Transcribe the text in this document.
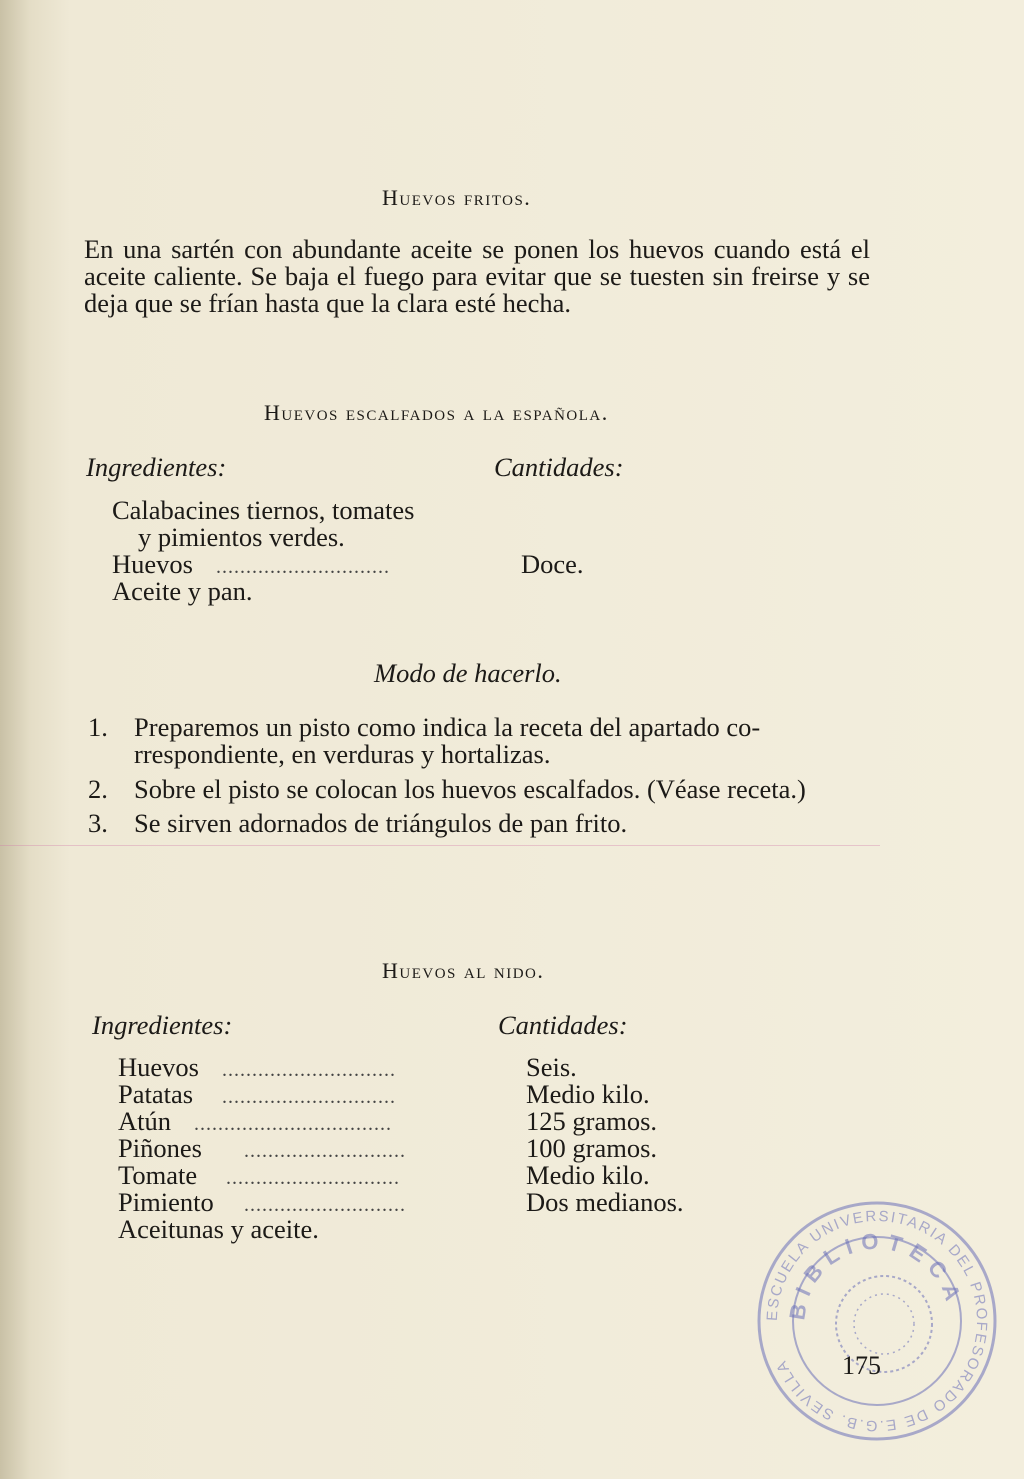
Huevos fritos.
En una sartén con abundante aceite se ponen los huevos cuando está el aceite caliente. Se baja el fuego para evitar que se tuesten sin freirse y se deja que se frían hasta que la clara esté hecha.
Huevos escalfados a la española.
Ingredientes:	Cantidades:
Calabacines tiernos, tomates
y pimientos verdes.
Huevos .............................	Doce.
Aceite y pan.
Modo de hacerlo.
1. Preparemos un pisto como indica la receta del apartado co-
rrespondiente, en verduras y hortalizas.
2. Sobre el pisto se colocan los huevos escalfados. (Véase receta.)
3. Se sirven adornados de triángulos de pan frito.
Huevos al nido.
Ingredientes:	Cantidades:
Huevos .............................	Seis.
Patatas .............................	Medio kilo.
Atún .................................	125 gramos.
Piñones ...........................	100 gramos.
Tomate .............................	Medio kilo.
Pimiento ...........................	Dos medianos.
Aceitunas y aceite.
ESCUELA UNIVERSITARIA DEL PROFESORADO DE E.G.B. SEVILLA
BIBLIOTECA
175
